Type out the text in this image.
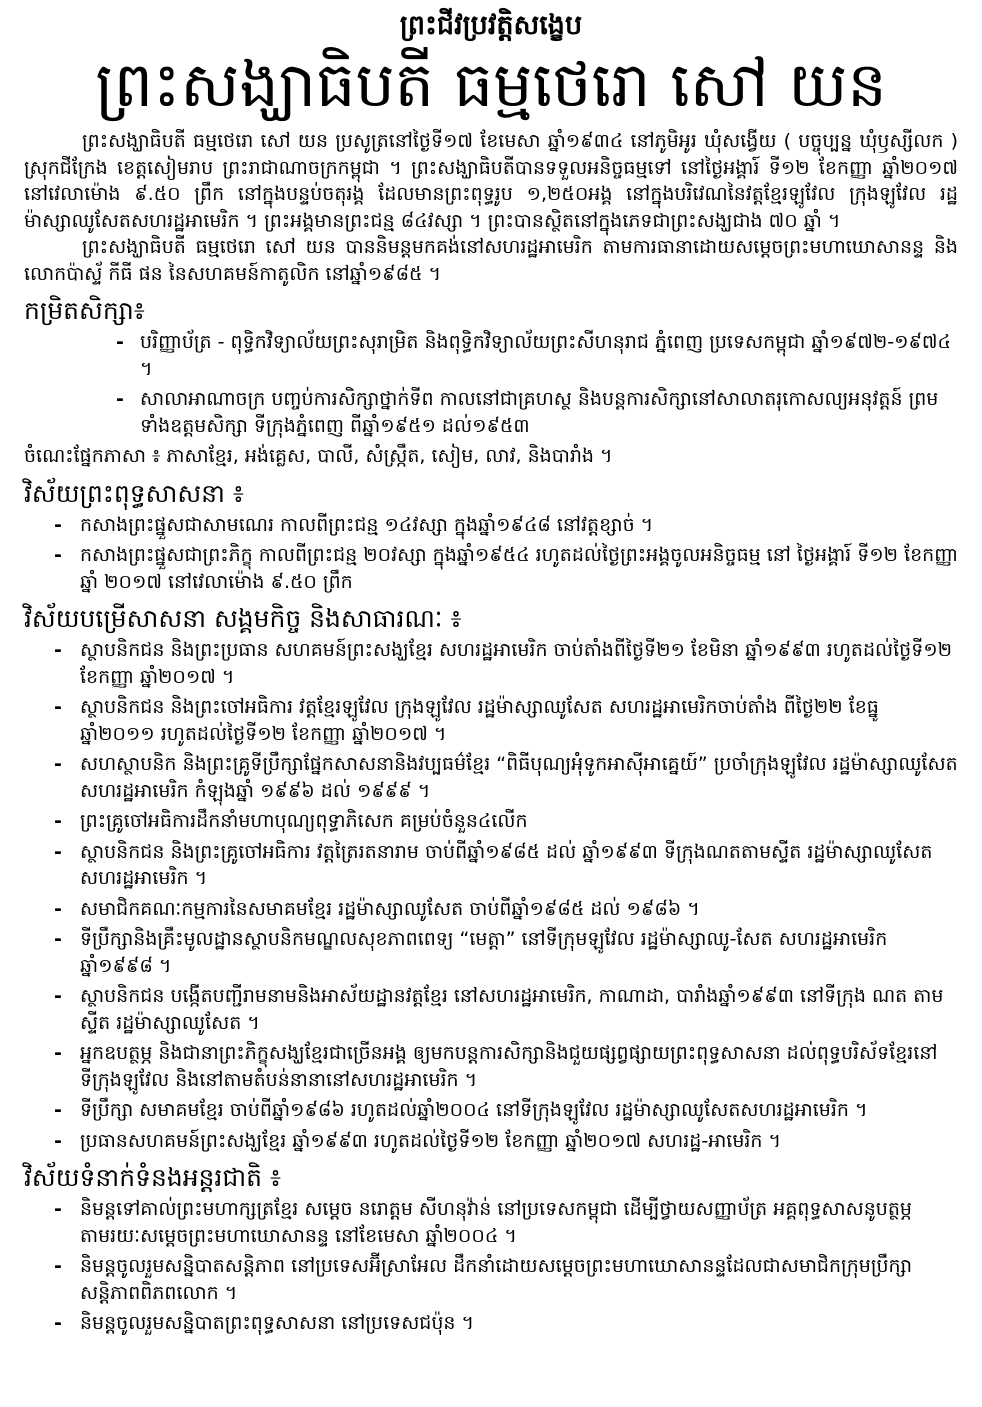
ព្រះជីវប្រវត្តិសង្ខេប
ព្រះសង្ឃាធិបតី ធម្មថេរោ សៅ យន

ព្រះសង្ឃាធិបតី ធម្មថេរោ សៅ យន ប្រសូត្រនៅថ្ងៃទី១៧ ខែមេសា ឆ្នាំ១៩៣៤ នៅភូមិអូរ ឃុំសង្វើយ ( បច្ចុប្បន្ន ឃុំឫស្សីលក ) ស្រុកជីក្រែង ខេត្តសៀមរាប ព្រះរាជាណាចក្រកម្ពុជា ។ ព្រះសង្ឃាធិបតីបានទទួលអនិច្ចធម្មទៅ នៅថ្ងៃអង្គារ៍ ទី១២ ខែកញ្ញា ឆ្នាំ២០១៧ នៅវេលាម៉ោង ៩.៥០ ព្រឹក នៅក្នុងបន្ទប់ចតុរង្គ ដែលមានព្រះពុទ្ធរូប ១,២៥០អង្គ នៅក្នុងបរិវេណនៃវត្តខ្មែរឡូវែល ក្រុងឡូវែល រដ្ឋម៉ាស្សាឈូសែតសហរដ្ឋអាមេរិក ។ ព្រះអង្គមានព្រះជន្ម ៨៤វស្សា ។ ព្រះបានស្ថិតនៅក្នុងភេទជាព្រះសង្ឃជាង ៧០ ឆ្នាំ ។

ព្រះសង្ឃាធិបតី ធម្មថេរោ សៅ យន បាននិមន្តមកគង់នៅសហរដ្ឋអាមេរិក តាមការធានាដោយសម្តេចព្រះមហាឃោសានន្ទ និងលោកប៉ាស្ទ័ កីធី ផន នៃសហគមន៍កាតូលិក នៅឆ្នាំ១៩៨៥ ។

កម្រិតសិក្សា៖
- បរិញ្ញាប័ត្រ - ពុទ្ធិកវិទ្យាល័យព្រះសុរាម្រិត និងពុទ្ធិកវិទ្យាល័យព្រះសីហនុរាជ ភ្នំពេញ ប្រទេសកម្ពុជា ឆ្នាំ១៩៧២-១៩៧៤ ។
- សាលាអាណាចក្រ បញ្ចប់ការសិក្សាថ្នាក់ទីព កាលនៅជាគ្រហស្ថ និងបន្តការសិក្សានៅសាលាតរុកោសល្យអនុវត្តន៍ ព្រមទាំងឧត្តមសិក្សា ទីក្រុងភ្នំពេញ ពីឆ្នាំ១៩៥១ ដល់១៩៥៣

ចំណេះផ្នែកភាសា ៖ ភាសាខ្មែរ, អង់គ្លេស, បាលី, សំស្ក្រឹត, សៀម, លាវ, និងបារាំង ។

វិស័យព្រះពុទ្ធសាសនា ៖
- កសាងព្រះផ្នួសជាសាមណេរ កាលពីព្រះជន្ម ១៤វស្សា ក្នុងឆ្នាំ១៩៤៨ នៅវត្តខ្សាច់ ។
- កសាងព្រះផ្នួសជាព្រះភិក្ខុ កាលពីព្រះជន្ម ២០វស្សា ក្នុងឆ្នាំ១៩៥៤ រហូតដល់ថ្ងៃព្រះអង្គចូលអនិច្ចធម្ម នៅ ថ្ងៃអង្គារ៍ ទី១២ ខែកញ្ញា ឆ្នាំ ២០១៧ នៅវេលាម៉ោង ៩.៥០ ព្រឹក
វិស័យបម្រើសាសនា សង្គមកិច្ច និងសាធារណៈ ៖
- ស្ថាបនិកជន និងព្រះប្រធាន សហគមន៍ព្រះសង្ឃខ្មែរ សហរដ្ឋអាមេរិក ចាប់តាំងពីថ្ងៃទី២១ ខែមិនា ឆ្នាំ១៩៩៣ រហូតដល់ថ្ងៃទី១២ ខែកញ្ញា ឆ្នាំ២០១៧ ។
- ស្ថាបនិកជន និងព្រះចៅអធិការ វត្តខ្មែរឡូវែល ក្រុងឡូវែល រដ្ឋម៉ាស្សាឈូសែត សហរដ្ឋអាមេរិកចាប់តាំង ពីថ្ងៃ២២ ខែធ្នូ ឆ្នាំ២០១១ រហូតដល់ថ្ងៃទី១២ ខែកញ្ញា ឆ្នាំ២០១៧ ។
- សហស្ថាបនិក និងព្រះគ្រូទីប្រឹក្សាផ្នែកសាសនានិងវប្បធម៌ខ្មែរ “ពិធីបុណ្យអុំទូកអាស៊ីអាគ្នេយ៍” ប្រចាំក្រុងឡូវែល រដ្ឋម៉ាស្សាឈូសែត សហរដ្ឋអាមេរិក កំឡុងឆ្នាំ ១៩៩៦ ដល់ ១៩៩៩ ។
- ព្រះគ្រូចៅអធិការដឹកនាំមហាបុណ្យពុទ្ធាភិសេក គម្រប់ចំនួន៤លើក
- ស្ថាបនិកជន និងព្រះគ្រូចៅអធិការ វត្តត្រៃរតនារាម ចាប់ពីឆ្នាំ១៩៨៥ ដល់ ឆ្នាំ១៩៩៣ ទីក្រុងណតតាមស្ទីត រដ្ឋម៉ាស្សាឈូសែត សហរដ្ឋអាមេរិក ។
- សមាជិកគណៈកម្មការនៃសមាគមខ្មែរ រដ្ឋម៉ាស្សាឈូសែត ចាប់ពីឆ្នាំ១៩៨៥ ដល់ ១៩៨៦ ។
- ទីប្រឹក្សានិងគ្រឹះមូលដ្ឋានស្ថាបនិកមណ្ឌលសុខភាពពេទ្យ “មេត្តា” នៅទីក្រុមឡូវែល រដ្ឋម៉ាស្សាឈូ-សែត សហរដ្ឋអាមេរិក ឆ្នាំ១៩៩៨ ។
- ស្ថាបនិកជន បង្កើតបញ្ជីរាមនាមនិងអាស័យដ្ឋានវត្តខ្មែរ នៅសហរដ្ឋអាមេរិក, កាណាដា, បារាំងឆ្នាំ១៩៩៣ នៅទីក្រុង ណត តាមស្ទីត រដ្ឋម៉ាស្សាឈូសែត ។
- អ្នកឧបត្ថម្ភ និងជានាព្រះភិក្ខុសង្ឃខ្មែរជាច្រើនអង្គ ឲ្យមកបន្តការសិក្សានិងជួយផ្សព្វផ្សាយព្រះពុទ្ធសាសនា ដល់ពុទ្ធបរិស័ទខ្មែរនៅទីក្រុងឡូវែល និងនៅតាមតំបន់នានានៅសហរដ្ឋអាមេរិក ។
- ទីប្រឹក្សា សមាគមខ្មែរ ចាប់ពីឆ្នាំ១៩៨៦ រហូតដល់ឆ្នាំ២០០៤ នៅទីក្រុងឡូវែល រដ្ឋម៉ាស្សាឈូសែតសហរដ្ឋអាមេរិក ។
- ប្រធានសហគមន៍ព្រះសង្ឃខ្មែរ ឆ្នាំ១៩៩៣ រហូតដល់ថ្ងៃទី១២ ខែកញ្ញា ឆ្នាំ២០១៧ សហរដ្ឋ-អាមេរិក ។
វិស័យទំនាក់ទំនងអន្តរជាតិ ៖
- និមន្តទៅគាល់ព្រះមហាក្សត្រខ្មែរ សម្តេច នរោត្តម សីហនុវ៉ាន់ នៅប្រទេសកម្ពុជា ដើម្បីថ្វាយសញ្ញាប័ត្រ អគ្គពុទ្ធសាសនូបត្ថម្ភ តាមរយៈសម្តេចព្រះមហាឃោសានន្ទ នៅខែមេសា ឆ្នាំ២០០៤ ។
- និមន្តចូលរួមសន្និបាតសន្តិភាព នៅប្រទេសអ៊ីស្រាអែល ដឹកនាំដោយសម្តេចព្រះមហាឃោសានន្ទដែលជាសមាជិកក្រុមប្រឹក្សាសន្តិភាពពិភពលោក ។
- និមន្តចូលរួមសន្និបាតព្រះពុទ្ធសាសនា នៅប្រទេសជប៉ុន ។
